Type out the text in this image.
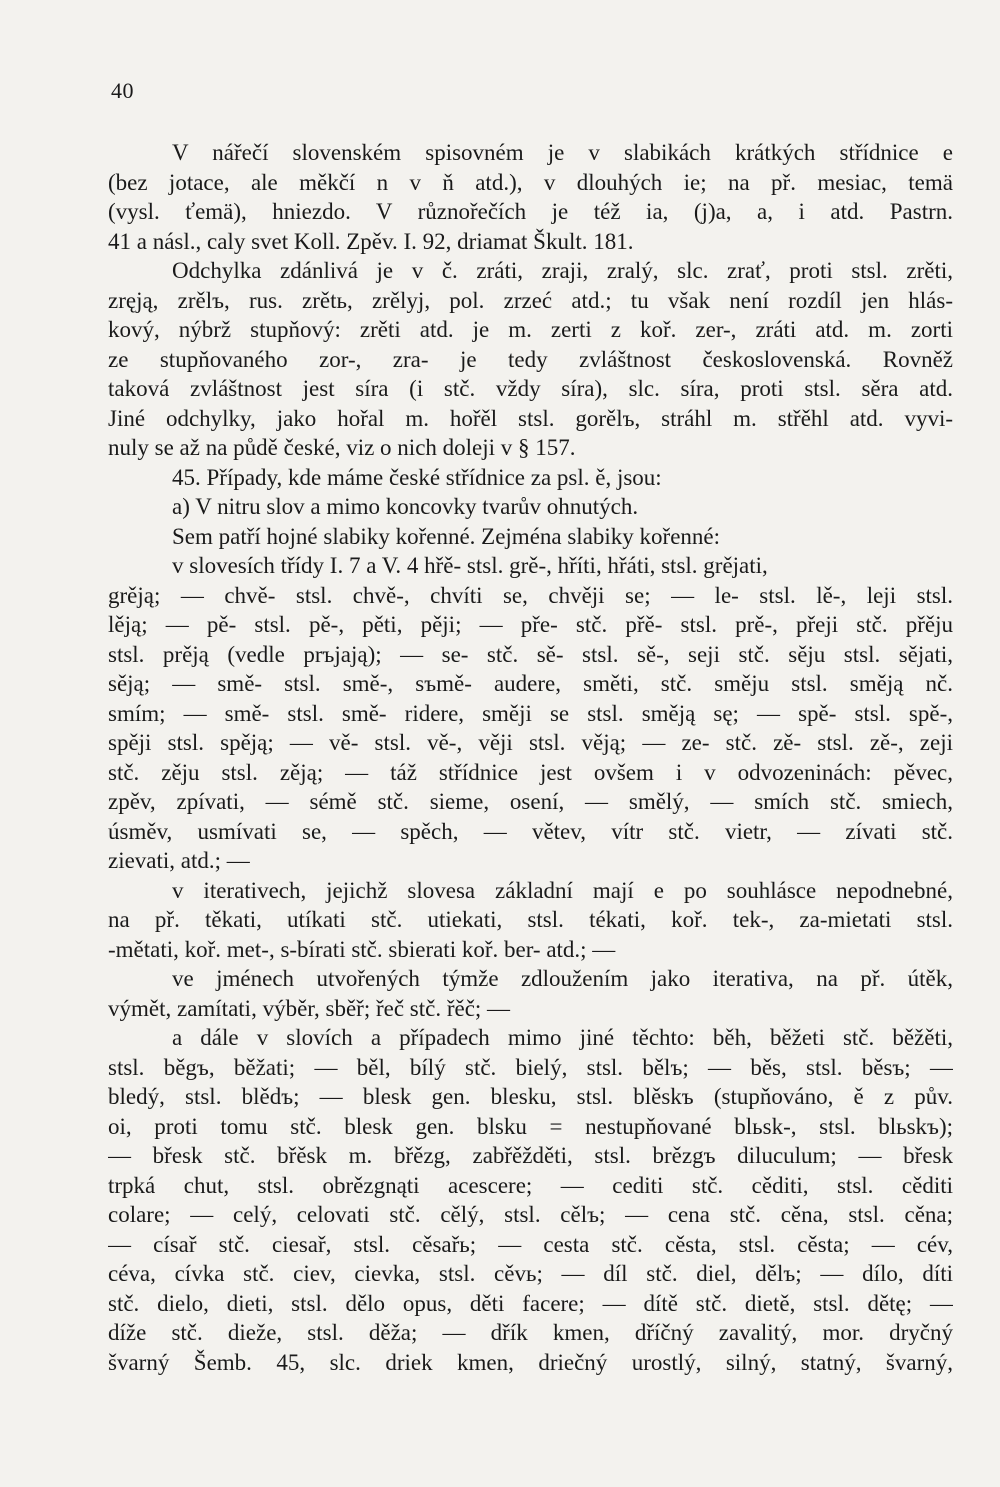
40
V nářečí slovenském spisovném je v slabikách krátkých střídnice e
(bez jotace, ale měkčí n v ň atd.), v dlouhých ie; na př. mesiac, temä
(vysl. ťemä), hniezdo. V různořečích je též ia, (j)a, a, i atd. Pastrn.
41 a násl., caly svet Koll. Zpěv. I. 92, driamat Škult. 181.
Odchylka zdánlivá je v č. zráti, zraji, zralý, slc. zrať, proti stsl. zrěti,
zręją, zrělъ, rus. zrětь, zrělyj, pol. zrzeć atd.; tu však není rozdíl jen hlás-
kový, nýbrž stupňový: zrěti atd. je m. zerti z koř. zer-, zráti atd. m. zorti
ze stupňovaného zor-, zra- je tedy zvláštnost československá. Rovněž
taková zvláštnost jest síra (i stč. vždy síra), slc. síra, proti stsl. sěra atd.
Jiné odchylky, jako hořal m. hořěl stsl. gorělъ, stráhl m. střěhl atd. vyvi-
nuly se až na půdě české, viz o nich doleji v § 157.
45. Případy, kde máme české střídnice za psl. ě, jsou:
a) V nitru slov a mimo koncovky tvarův ohnutých.
Sem patří hojné slabiky kořenné. Zejména slabiky kořenné:
v slovesích třídy I. 7 a V. 4 hřě- stsl. grě-, hříti, hřáti, stsl. grějati,
grěją; — chvě- stsl. chvě-, chvíti se, chvěji se; — le- stsl. lě-, leji stsl.
lěją; — pě- stsl. pě-, pěti, pěji; — pře- stč. přě- stsl. prě-, přeji stč. přěju
stsl. prěją (vedle prъjają); — se- stč. sě- stsl. sě-, seji stč. sěju stsl. sějati,
sěją; — smě- stsl. smě-, sъmě- audere, směti, stč. směju stsl. směją nč.
smím; — smě- stsl. smě- ridere, směji se stsl. směją sę; — spě- stsl. spě-,
spěji stsl. spěją; — vě- stsl. vě-, věji stsl. věją; — ze- stč. zě- stsl. zě-, zeji
stč. zěju stsl. zěją; — táž střídnice jest ovšem i v odvozeninách: pěvec,
zpěv, zpívati, — sémě stč. sieme, osení, — smělý, — smích stč. smiech,
úsměv, usmívati se, — spěch, — větev, vítr stč. vietr, — zívati stč.
zievati, atd.; —
v iterativech, jejichž slovesa základní mají e po souhlásce nepodnebné,
na př. těkati, utíkati stč. utiekati, stsl. tékati, koř. tek-, za-mietati stsl.
-mětati, koř. met-, s-bírati stč. sbierati koř. ber- atd.; —
ve jménech utvořených týmže zdloužením jako iterativa, na př. útěk,
výmět, zamítati, výběr, sběř; řeč stč. řěč; —
a dále v slovích a případech mimo jiné těchto: běh, běžeti stč. běžěti,
stsl. běgъ, běžati; — běl, bílý stč. bielý, stsl. bělъ; — běs, stsl. běsъ; —
bledý, stsl. blědъ; — blesk gen. blesku, stsl. blěskъ (stupňováno, ě z pův.
oi, proti tomu stč. blesk gen. blsku = nestupňované blьsk-, stsl. blьskъ);
— břesk stč. břěsk m. břězg, zabřěžděti, stsl. brězgъ diluculum; — břesk
trpká chut, stsl. obrězgnąti acescere; — cediti stč. cěditi, stsl. cěditi
colare; — celý, celovati stč. cělý, stsl. cělъ; — cena stč. cěna, stsl. cěna;
— císař stč. ciesař, stsl. cěsařь; — cesta stč. cěsta, stsl. cěsta; — cév,
céva, cívka stč. ciev, cievka, stsl. cěvь; — díl stč. diel, dělъ; — dílo, díti
stč. dielo, dieti, stsl. dělo opus, děti facere; — dítě stč. dietě, stsl. dětę; —
díže stč. dieže, stsl. děža; — dřík kmen, dříčný zavalitý, mor. dryčný
švarný Šemb. 45, slc. driek kmen, driečný urostlý, silný, statný, švarný,
